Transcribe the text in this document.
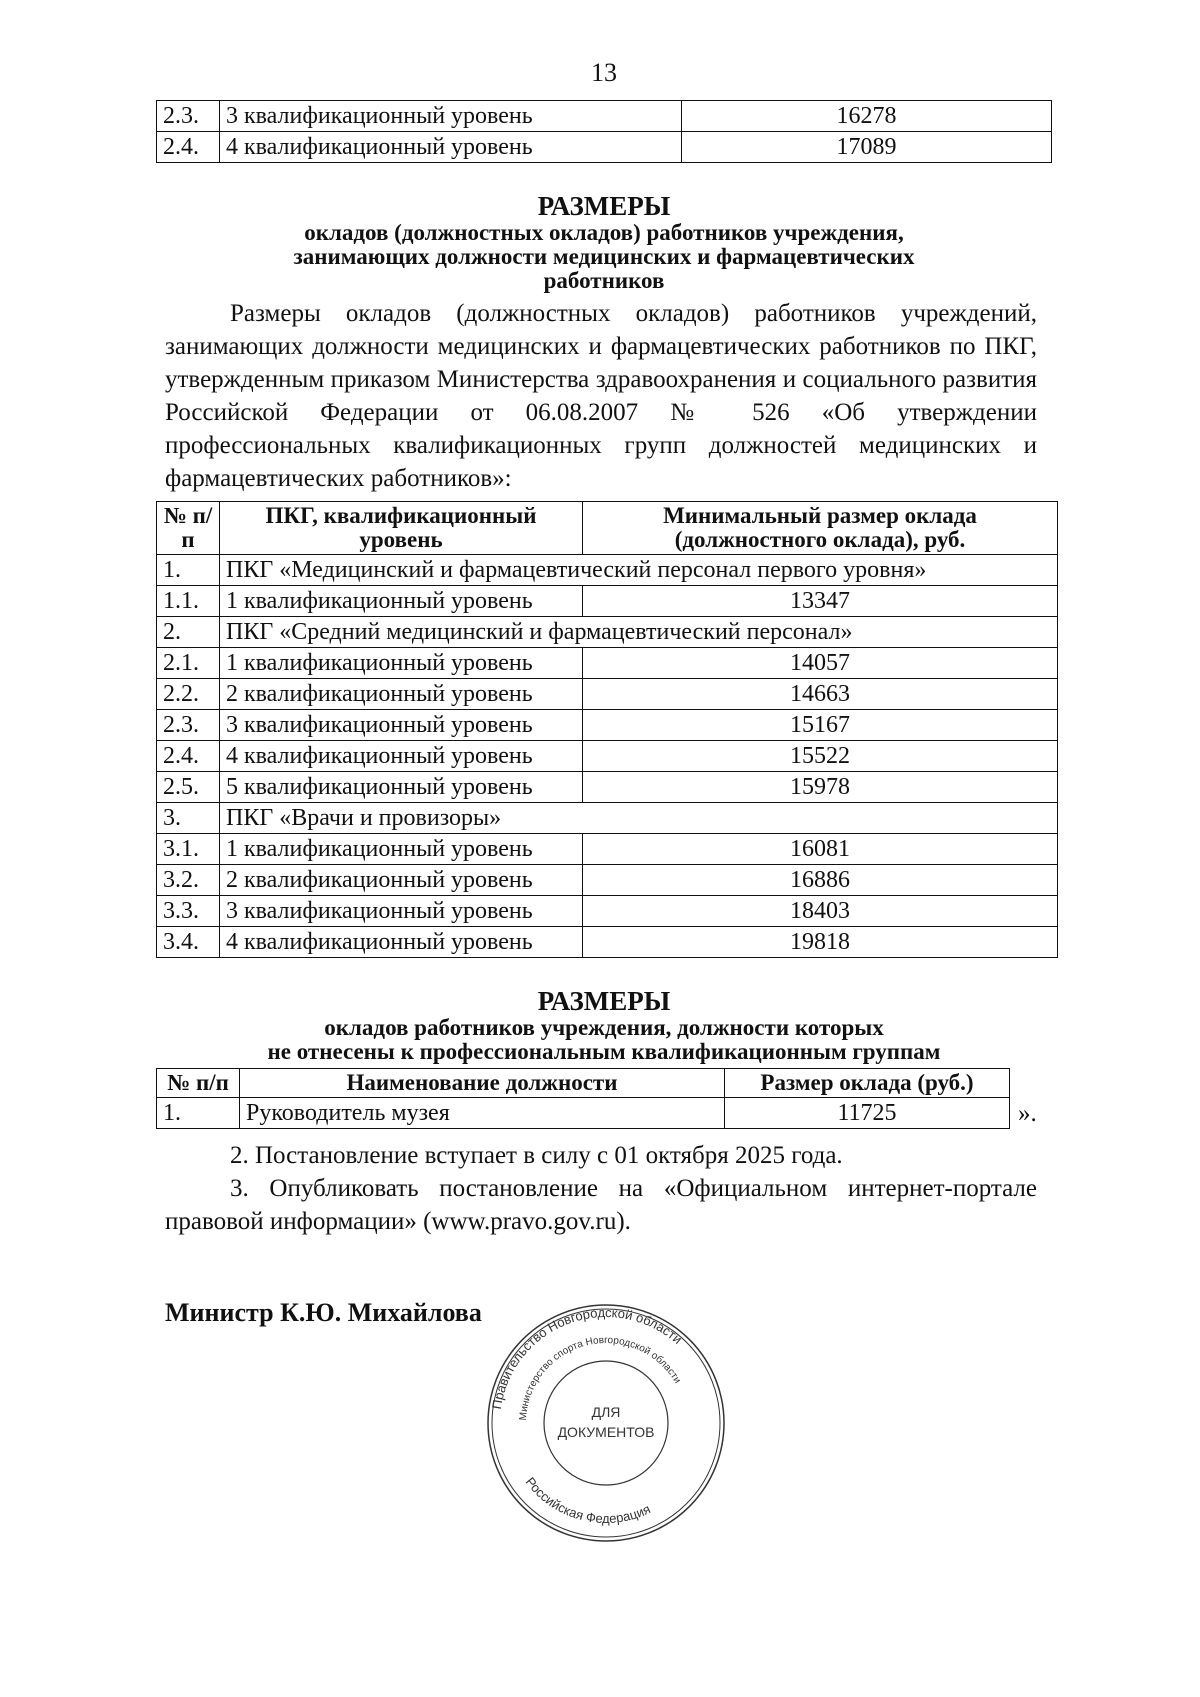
13
2.3.	3 квалификационный уровень	16278
2.4.	4 квалификационный уровень	17089
РАЗМЕРЫ
окладов (должностных окладов) работников учреждения,
занимающих должности медицинских и фармацевтических
работников
Размеры окладов (должностных окладов) работников учреждений, занимающих должности медицинских и фармацевтических работников по ПКГ, утвержденным приказом Министерства здравоохранения и социального развития Российской Федерации от 06.08.2007 № 526 «Об утверждении профессиональных квалификационных групп должностей медицинских и фармацевтических работников»:
№ п/п	ПКГ, квалификационный уровень	Минимальный размер оклада (должностного оклада), руб.
1.	ПКГ «Медицинский и фармацевтический персонал первого уровня»	
1.1.	1 квалификационный уровень	13347
2.	ПКГ «Средний медицинский и фармацевтический персонал»	
2.1.	1 квалификационный уровень	14057
2.2.	2 квалификационный уровень	14663
2.3.	3 квалификационный уровень	15167
2.4.	4 квалификационный уровень	15522
2.5.	5 квалификационный уровень	15978
3.	ПКГ «Врачи и провизоры»	
3.1.	1 квалификационный уровень	16081
3.2.	2 квалификационный уровень	16886
3.3.	3 квалификационный уровень	18403
3.4.	4 квалификационный уровень	19818
РАЗМЕРЫ
окладов работников учреждения, должности которых
не отнесены к профессиональным квалификационным группам
№ п/п	Наименование должности	Размер оклада (руб.)
1.	Руководитель музея	11725	».
2. Постановление вступает в силу с 01 октября 2025 года.
3. Опубликовать постановление на «Официальном интернет-портале правовой информации» (www.pravo.gov.ru).
Министр К.Ю. Михайлова
Правительство Новгородской области
Министерство спорта Новгородской области
Российская Федерация
ДЛЯ
ДОКУМЕНТОВ
